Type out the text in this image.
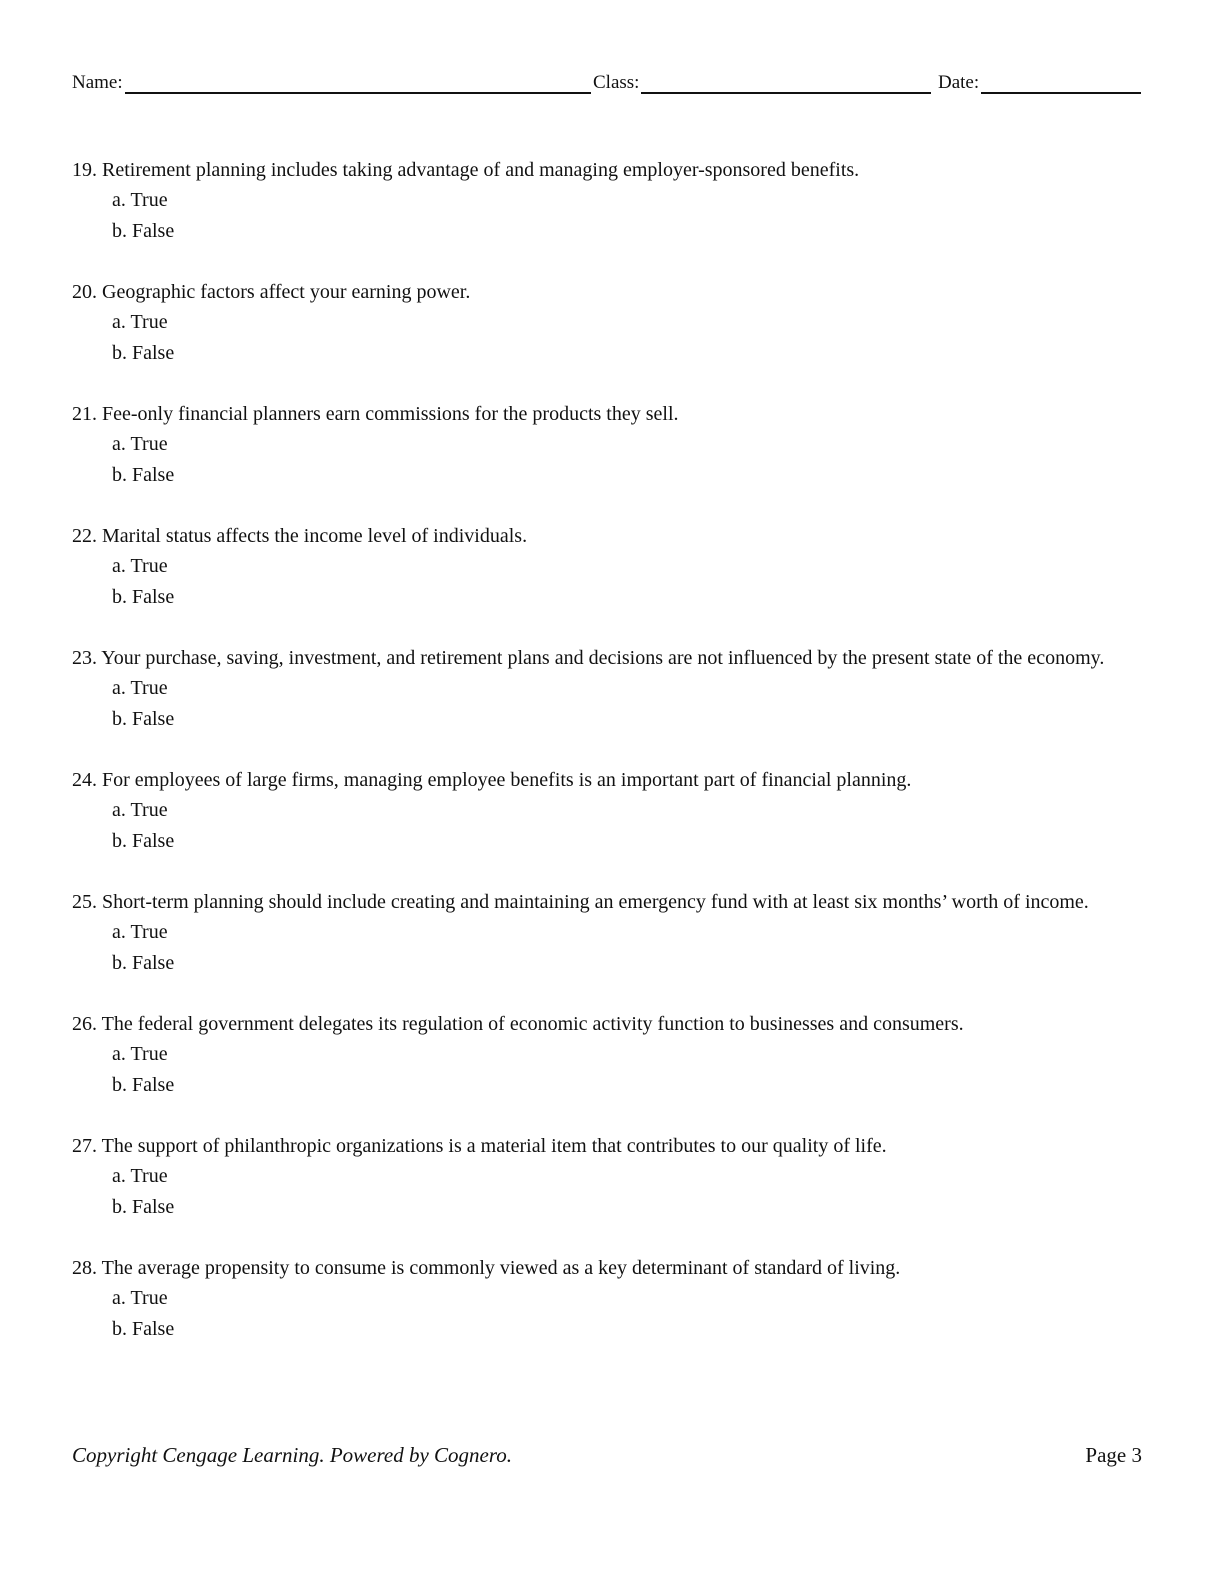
Name:	Class:	Date:
19. Retirement planning includes taking advantage of and managing employer-sponsored benefits.
a. True
b. False
20. Geographic factors affect your earning power.
a. True
b. False
21. Fee-only financial planners earn commissions for the products they sell.
a. True
b. False
22. Marital status affects the income level of individuals.
a. True
b. False
23. Your purchase, saving, investment, and retirement plans and decisions are not influenced by the present state of the economy.
a. True
b. False
24. For employees of large firms, managing employee benefits is an important part of financial planning.
a. True
b. False
25. Short-term planning should include creating and maintaining an emergency fund with at least six months’ worth of income.
a. True
b. False
26. The federal government delegates its regulation of economic activity function to businesses and consumers.
a. True
b. False
27. The support of philanthropic organizations is a material item that contributes to our quality of life.
a. True
b. False
28. The average propensity to consume is commonly viewed as a key determinant of standard of living.
a. True
b. False
Copyright Cengage Learning. Powered by Cognero.	Page 3
